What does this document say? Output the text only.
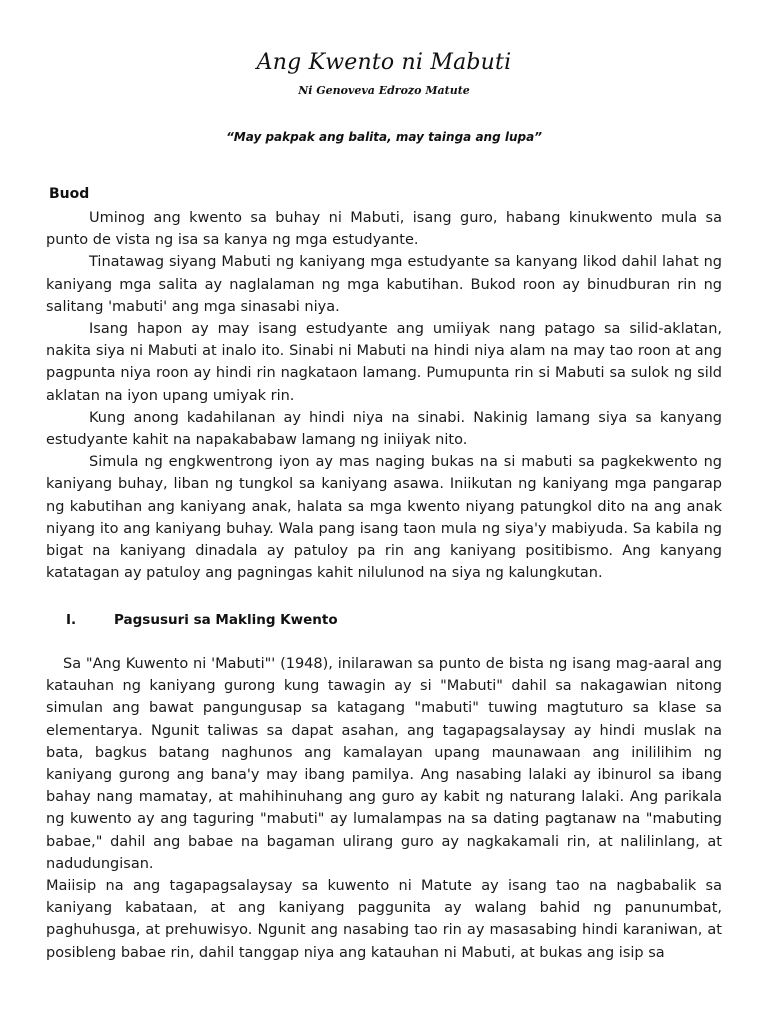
Ang Kwento ni Mabuti
Ni Genoveva Edrozo Matute
“May pakpak ang balita, may tainga ang lupa”
Buod

Uminog ang kwento sa buhay ni Mabuti, isang guro, habang kinukwento mula sa punto de vista ng isa sa kanya ng mga estudyante.

Tinatawag siyang Mabuti ng kaniyang mga estudyante sa kanyang likod dahil lahat ng kaniyang mga salita ay naglalaman ng mga kabutihan. Bukod roon ay binudburan rin ng salitang 'mabuti' ang mga sinasabi niya.

Isang hapon ay may isang estudyante ang umiiyak nang patago sa silid-aklatan, nakita siya ni Mabuti at inalo ito. Sinabi ni Mabuti na hindi niya alam na may tao roon at ang pagpunta niya roon ay hindi rin nagkataon lamang. Pumupunta rin si Mabuti sa sulok ng sild aklatan na iyon upang umiyak rin.

Kung anong kadahilanan ay hindi niya na sinabi. Nakinig lamang siya sa kanyang estudyante kahit na napakababaw lamang ng iniiyak nito.

Simula ng engkwentrong iyon ay mas naging bukas na si mabuti sa pagkekwento ng kaniyang buhay, liban ng tungkol sa kaniyang asawa. Iniikutan ng kaniyang mga pangarap ng kabutihan ang kaniyang anak, halata sa mga kwento niyang patungkol dito na ang anak niyang ito ang kaniyang buhay. Wala pang isang taon mula ng siya'y mabiyuda. Sa kabila ng bigat na kaniyang dinadala ay patuloy pa rin ang kaniyang positibismo. Ang kanyang katatagan ay patuloy ang pagningas kahit nilulunod na siya ng kalungkutan.

I.	Pagsusuri sa Makling Kwento

Sa "Ang Kuwento ni 'Mabuti"' (1948), inilarawan sa punto de bista ng isang mag-aaral ang katauhan ng kaniyang gurong kung tawagin ay si "Mabuti" dahil sa nakagawian nitong simulan ang bawat pangungusap sa katagang "mabuti" tuwing magtuturo sa klase sa elementarya. Ngunit taliwas sa dapat asahan, ang tagapagsalaysay ay hindi muslak na bata, bagkus batang naghunos ang kamalayan upang maunawaan ang inililihim ng kaniyang gurong ang bana'y may ibang pamilya. Ang nasabing lalaki ay ibinurol sa ibang bahay nang mamatay, at mahihinuhang ang guro ay kabit ng naturang lalaki. Ang parikala ng kuwento ay ang taguring "mabuti" ay lumalampas na sa dating pagtanaw na "mabuting babae," dahil ang babae na bagaman ulirang guro ay nagkakamali rin, at nalilinlang, at nadudungisan.

Maiisip na ang tagapagsalaysay sa kuwento ni Matute ay isang tao na nagbabalik sa kaniyang kabataan, at ang kaniyang paggunita ay walang bahid ng panunumbat, paghuhusga, at prehuwisyo. Ngunit ang nasabing tao rin ay masasabing hindi karaniwan, at posibleng babae rin, dahil tanggap niya ang katauhan ni Mabuti, at bukas ang isip sa
